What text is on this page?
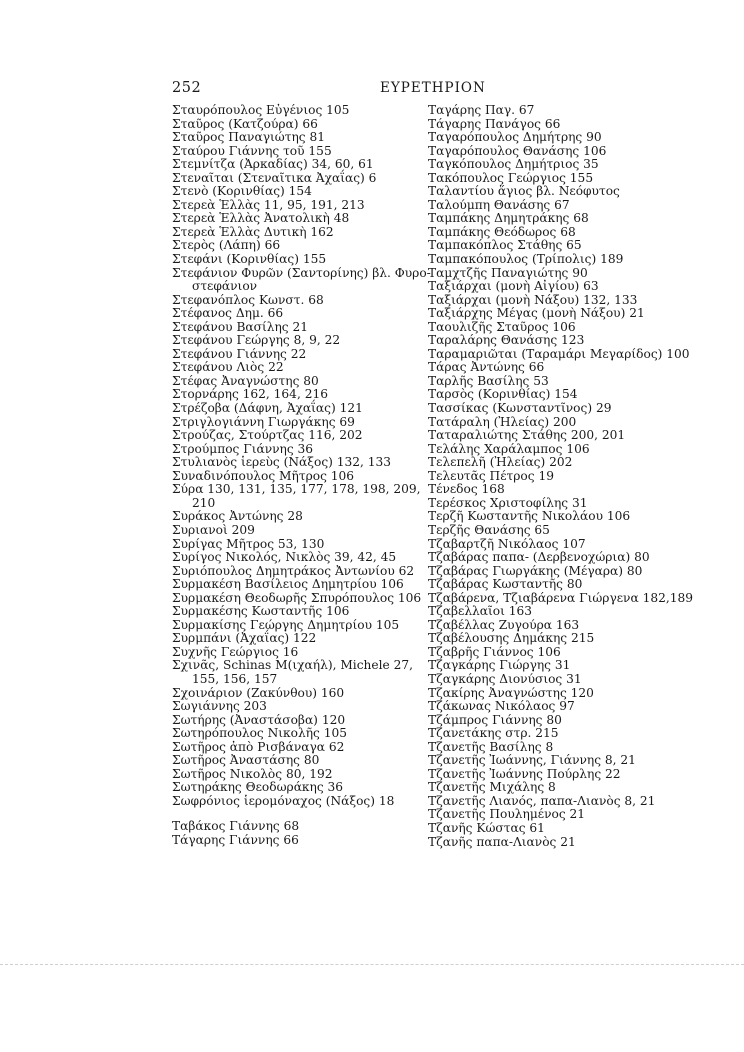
252	ΕΥΡΕΤΗΡΙΟΝ
Σταυρόπουλος Εὐγένιος 105
Σταῦρος (Κατζούρα) 66
Σταῦρος Παναγιώτης 81
Σταύρου Γιάννης τοῦ 155
Στεμνίτζα (Ἀρκαδίας) 34, 60, 61
Στεναῖται (Στεναῖτικα Ἀχαΐας) 6
Στενὸ (Κορινθίας) 154
Στερεὰ Ἑλλὰς 11, 95, 191, 213
Στερεὰ Ἑλλὰς Ἀνατολικὴ 48
Στερεὰ Ἑλλὰς Δυτικὴ 162
Στερὸς (Λάπη) 66
Στεφάνι (Κορινθίας) 155
Στεφάνιον Φυρῶν (Σαντορίνης) βλ. Φυρο-
στεφάνιον
Στεφανόπλος Κωνστ. 68
Στέφανος Δημ. 66
Στεφάνου Βασίλης 21
Στεφάνου Γεώργης 8, 9, 22
Στεφάνου Γιάννης 22
Στεφάνου Λιὸς 22
Στέφας Ἀναγνώστης 80
Στορνάρης 162, 164, 216
Στρέζοβα (Δάφνη, Ἀχαΐας) 121
Στριγλογιάννη Γιωργάκης 69
Στρούζας, Στούρτζας 116, 202
Στρούμπος Γιάννης 36
Στυλιανὸς ἱερεὺς (Νάξος) 132, 133
Συναδινόπουλος Μῆτρος 106
Σύρα 130, 131, 135, 177, 178, 198, 209,
210
Συράκος Ἀντώνης 28
Συριανοὶ 209
Συρίγας Μῆτρος 53, 130
Συρίγος Νικολός, Νικλὸς 39, 42, 45
Συριόπουλος Δημητράκος Ἀντωνίου 62
Συρμακέση Βασίλειος Δημητρίου 106
Συρμακέση Θεοδωρῆς Σπυρόπουλος 106
Συρμακέσης Κωσταντῆς 106
Συρμακίσης Γεώργης Δημητρίου 105
Συρμπάνι (Ἀχαΐας) 122
Συχνῆς Γεώργιος 16
Σχινᾶς, Schinas Μ(ιχαήλ), Michele 27,
155, 156, 157
Σχοινάριον (Ζακύνθου) 160
Σωγιάννης 203
Σωτήρης (Ἀναστάσοβα) 120
Σωτηρόπουλος Νικολῆς 105
Σωτῆρος ἀπὸ Ρισβάναγα 62
Σωτῆρος Ἀναστάσης 80
Σωτῆρος Νικολὸς 80, 192
Σωτηράκης Θεοδωράκης 36
Σωφρόνιος ἱερομόναχος (Νάξος) 18
Ταβάκος Γιάννης 68
Τάγαρης Γιάννης 66
Ταγάρης Παγ. 67
Τάγαρης Πανάγος 66
Ταγαρόπουλος Δημήτρης 90
Ταγαρόπουλος Θανάσης 106
Ταγκόπουλος Δημήτριος 35
Τακόπουλος Γεώργιος 155
Ταλαντίου ἅγιος βλ. Νεόφυτος
Ταλούμπη Θανάσης 67
Ταμπάκης Δημητράκης 68
Ταμπάκης Θεόδωρος 68
Ταμπακόπλος Στάθης 65
Ταμπακόπουλος (Τρίπολις) 189
Ταμχτζῆς Παναγιώτης 90
Ταξιάρχαι (μονὴ Αἰγίου) 63
Ταξιάρχαι (μονὴ Νάξου) 132, 133
Ταξιάρχης Μέγας (μονὴ Νάξου) 21
Ταουλιζῆς Σταῦρος 106
Ταραλάρης Θανάσης 123
Ταραμαριῶται (Ταραμάρι Μεγαρίδος) 100
Τάρας Ἀντώνης 66
Ταρλῆς Βασίλης 53
Ταρσὸς (Κορινθίας) 154
Τασσίκας (Κωνσταντῖνος) 29
Τατάραλη (Ἠλείας) 200
Ταταραλιώτης Στάθης 200, 201
Τελάλης Χαράλαμπος 106
Τελεπελῆ (Ἠλείας) 202
Τελευτᾶς Πέτρος 19
Τένεδος 168
Τερέσκος Χριστοφίλης 31
Τερζῆ Κωσταντῆς Νικολάου 106
Τερζῆς Θανάσης 65
Τζαβαρτζῆ Νικόλαος 107
Τζαβάρας παπα- (Δερβενοχώρια) 80
Τζαβάρας Γιωργάκης (Μέγαρα) 80
Τζαβάρας Κωσταντῆς 80
Τζαβάρενα, Τζιαβάρενα Γιώργενα 182,189
Τζαβελλαῖοι 163
Τζαβέλλας Ζυγούρα 163
Τζαβέλουσης Δημάκης 215
Τζαβρῆς Γιάννος 106
Τζαγκάρης Γιώργης 31
Τζαγκάρης Διονύσιος 31
Τζακίρης Ἀναγνώστης 120
Τζάκωνας Νικόλαος 97
Τζάμπρος Γιάννης 80
Τζανετάκης στρ. 215
Τζανετῆς Βασίλης 8
Τζανετῆς Ἰωάννης, Γιάννης 8, 21
Τζανετῆς Ἰωάννης Πούρλης 22
Τζανετῆς Μιχάλης 8
Τζανετῆς Λιανός, παπα-Λιανὸς 8, 21
Τζανετῆς Πουλημένος 21
Τζανῆς Κώστας 61
Τζανῆς παπα-Λιανὸς 21
